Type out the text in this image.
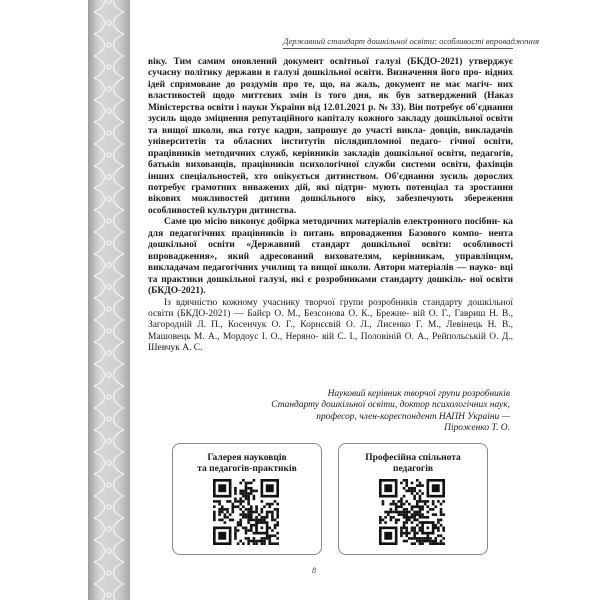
Державний стандарт дошкільної освіти: особливості впровадження

віку. Тим самим оновлений документ освітньої галузі (БКДО-2021) утверджує сучасну політику держави в галузі дошкільної освіти. Визначення його про- відних ідей спрямоване до роздумів про те, що, на жаль, документ не має магіч- них властивостей щодо миттєвих змін із того дня, як був затверджений (Наказ Міністерства освіти і науки України від 12.01.2021 р. № 33). Він потребує об'єднання зусиль щодо зміцнення репутаційного капіталу кожного закладу дошкільної освіти та вищої школи, яка готує кадри, запрошує до участі викла- довців, викладачів університетів та обласних інститутів післядипломної педаго- гічної освіти, працівників методичних служб, керівників закладів дошкільної освіти, педагогів, батьків вихованців, працівників психологічної служби системи освіти, фахівців інших спеціальностей, хто опікується дитинством. Об'єднання зусиль дорослих потребує грамотних виважених дій, які підтри- мують потенціал та зростання вікових можливостей дитини дошкільного віку, забезпечують збереження особливостей культури дитинства.

Саме цю місію виконує добірка методичних матеріалів електронного посібни- ка для педагогічних працівників із питань впровадження Базового компо- нента дошкільної освіти «Державний стандарт дошкільної освіти: особливості впровадження», який адресований вихователям, керівникам, управлінцям, викладачам педагогічних училищ та вищої школи. Автори матеріалів — науко- вці та практики дошкільної галузі, які є розробниками стандарту дошкіль- ної освіти (БКДО-2021).

Із вдячністю кожному учаснику творчої групи розробників стандарту дошкільної освіти (БКДО-2021) — Байєр О. М., Безсонова О. К., Брежне- вій О. Г., Гавриш Н. В., Загородній Л. П., Косенчук О. Г., Корнєєвій О. Л., Лисенко Г. М., Левінець Н. В., Машовець М. А., Мордоус І. О., Неряно- вій С. І., Половіній О. А., Рейпольській О. Д., Шевчук А. С.

Науковий керівник творчої групи розробників
Стандарту дошкільної освіти, доктор психологічних наук,
професор, член-кореспондент НАПН України —
Піроженко Т. О.
Галерея науковців
та педагогів-практиків
Професійна спільнота
педагогів
8
